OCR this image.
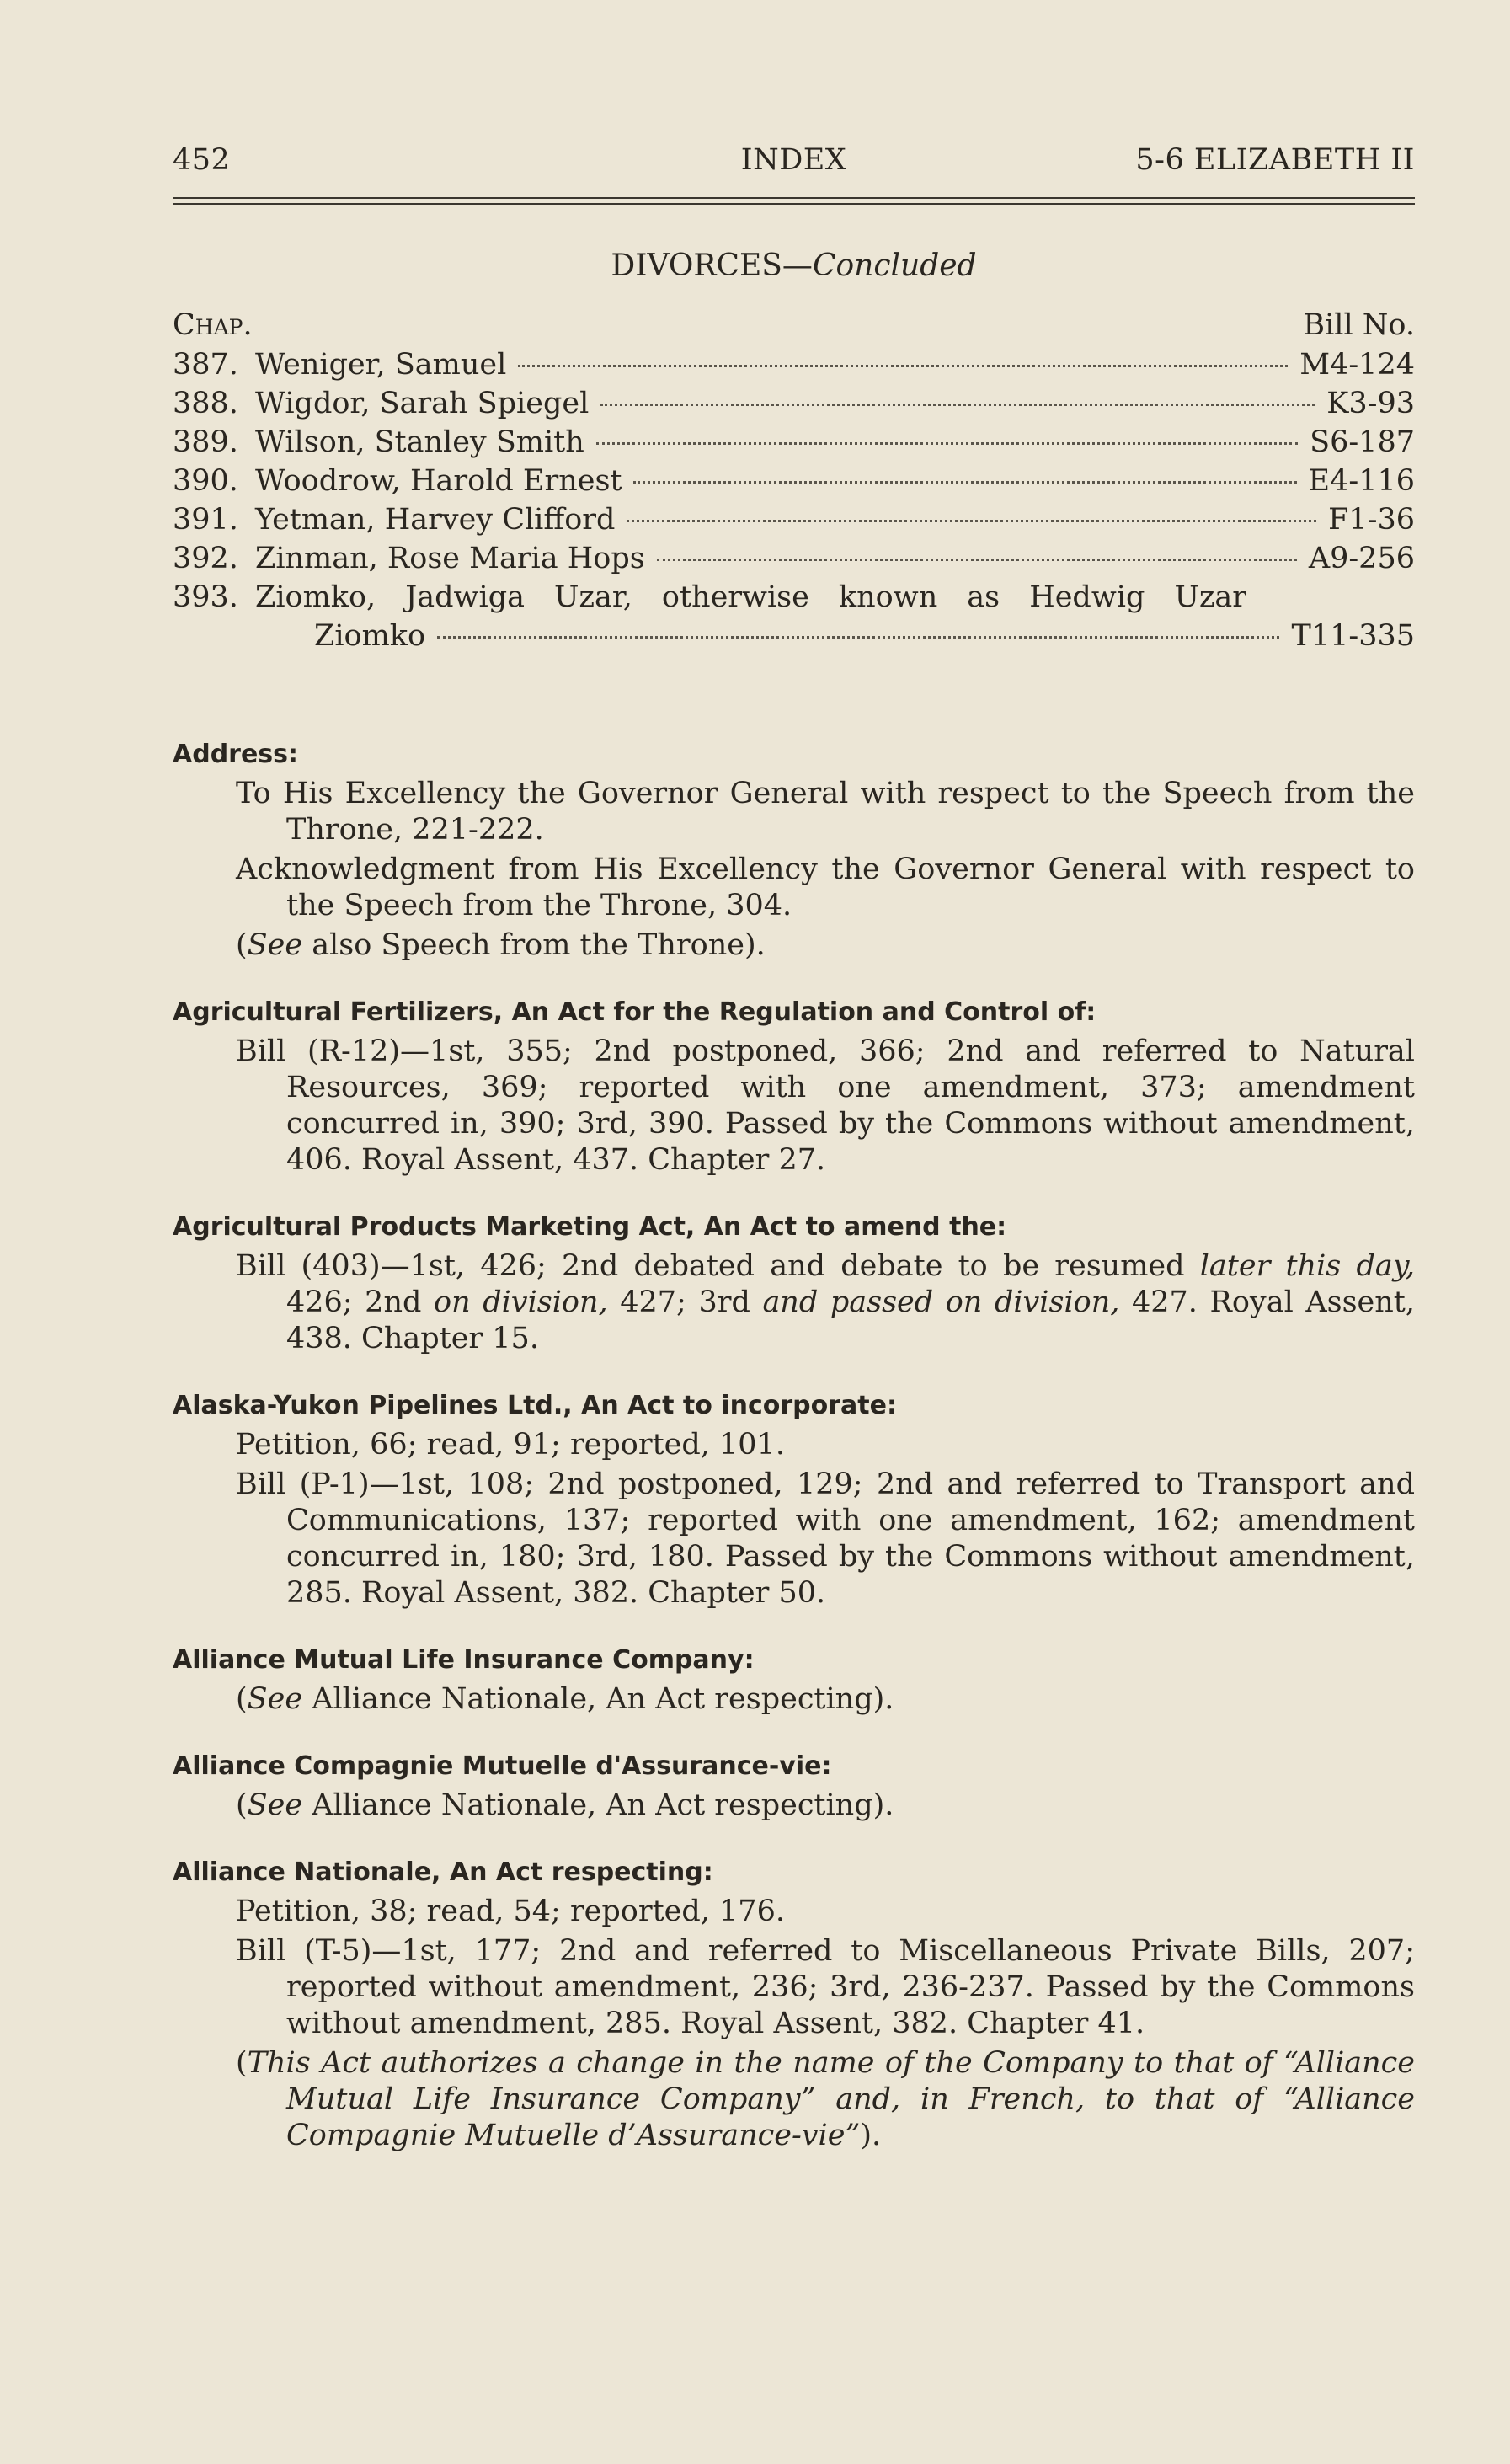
452	INDEX	5-6 ELIZABETH II
DIVORCES—Concluded
Chap.	Bill No.
387. Weniger, Samuel	M4-124
388. Wigdor, Sarah Spiegel	K3-93
389. Wilson, Stanley Smith	S6-187
390. Woodrow, Harold Ernest	E4-116
391. Yetman, Harvey Clifford	F1-36
392. Zinman, Rose Maria Hops	A9-256
393. Ziomko, Jadwiga Uzar, otherwise known as Hedwig Uzar
Ziomko	T11-335
Address:
To His Excellency the Governor General with respect to the Speech from the Throne, 221-222.
Acknowledgment from His Excellency the Governor General with respect to the Speech from the Throne, 304.
(See also Speech from the Throne).
Agricultural Fertilizers, An Act for the Regulation and Control of:
Bill (R-12)—1st, 355; 2nd postponed, 366; 2nd and referred to Natural Resources, 369; reported with one amendment, 373; amendment concurred in, 390; 3rd, 390. Passed by the Commons without amendment, 406. Royal Assent, 437. Chapter 27.
Agricultural Products Marketing Act, An Act to amend the:
Bill (403)—1st, 426; 2nd debated and debate to be resumed later this day, 426; 2nd on division, 427; 3rd and passed on division, 427. Royal Assent, 438. Chapter 15.
Alaska-Yukon Pipelines Ltd., An Act to incorporate:
Petition, 66; read, 91; reported, 101.
Bill (P-1)—1st, 108; 2nd postponed, 129; 2nd and referred to Transport and Communications, 137; reported with one amendment, 162; amendment concurred in, 180; 3rd, 180. Passed by the Commons without amendment, 285. Royal Assent, 382. Chapter 50.
Alliance Mutual Life Insurance Company:
(See Alliance Nationale, An Act respecting).
Alliance Compagnie Mutuelle d'Assurance-vie:
(See Alliance Nationale, An Act respecting).
Alliance Nationale, An Act respecting:
Petition, 38; read, 54; reported, 176.
Bill (T-5)—1st, 177; 2nd and referred to Miscellaneous Private Bills, 207; reported without amendment, 236; 3rd, 236-237. Passed by the Commons without amendment, 285. Royal Assent, 382. Chapter 41.
(This Act authorizes a change in the name of the Company to that of “Alliance Mutual Life Insurance Company” and, in French, to that of “Alliance Compagnie Mutuelle d’Assurance-vie”).
